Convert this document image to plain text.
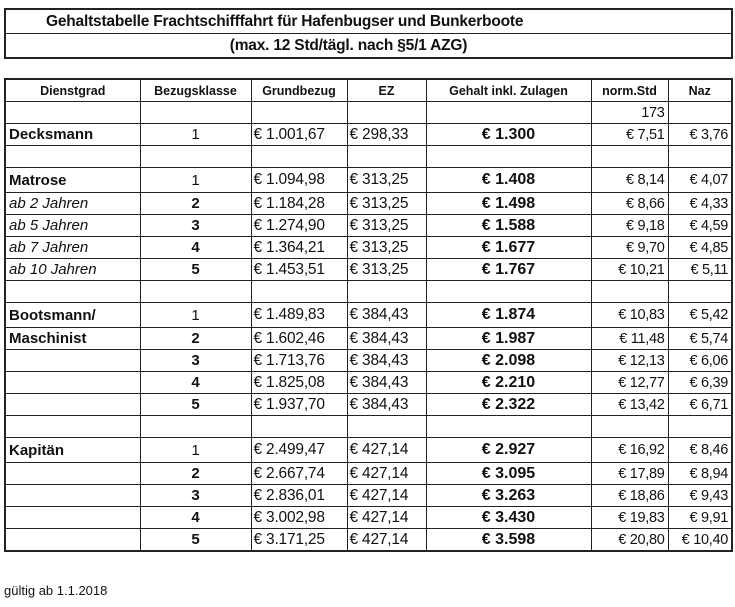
Gehaltstabelle Frachtschifffahrt für Hafenbugser und Bunkerboote
(max. 12 Std/tägl. nach §5/1 AZG)
Dienstgrad	Bezugsklasse	Grundbezug	EZ	Gehalt inkl. Zulagen	norm.Std	Naz
					173	
Decksmann	1	€ 1.001,67	€ 298,33	€ 1.300	€ 7,51	€ 3,76

Matrose	1	€ 1.094,98	€ 313,25	€ 1.408	€ 8,14	€ 4,07
ab 2 Jahren	2	€ 1.184,28	€ 313,25	€ 1.498	€ 8,66	€ 4,33
ab 5 Jahren	3	€ 1.274,90	€ 313,25	€ 1.588	€ 9,18	€ 4,59
ab 7 Jahren	4	€ 1.364,21	€ 313,25	€ 1.677	€ 9,70	€ 4,85
ab 10 Jahren	5	€ 1.453,51	€ 313,25	€ 1.767	€ 10,21	€ 5,11

Bootsmann/	1	€ 1.489,83	€ 384,43	€ 1.874	€ 10,83	€ 5,42
Maschinist	2	€ 1.602,46	€ 384,43	€ 1.987	€ 11,48	€ 5,74
	3	€ 1.713,76	€ 384,43	€ 2.098	€ 12,13	€ 6,06
	4	€ 1.825,08	€ 384,43	€ 2.210	€ 12,77	€ 6,39
	5	€ 1.937,70	€ 384,43	€ 2.322	€ 13,42	€ 6,71

Kapitän	1	€ 2.499,47	€ 427,14	€ 2.927	€ 16,92	€ 8,46
	2	€ 2.667,74	€ 427,14	€ 3.095	€ 17,89	€ 8,94
	3	€ 2.836,01	€ 427,14	€ 3.263	€ 18,86	€ 9,43
	4	€ 3.002,98	€ 427,14	€ 3.430	€ 19,83	€ 9,91
	5	€ 3.171,25	€ 427,14	€ 3.598	€ 20,80	€ 10,40
gültig ab 1.1.2018
